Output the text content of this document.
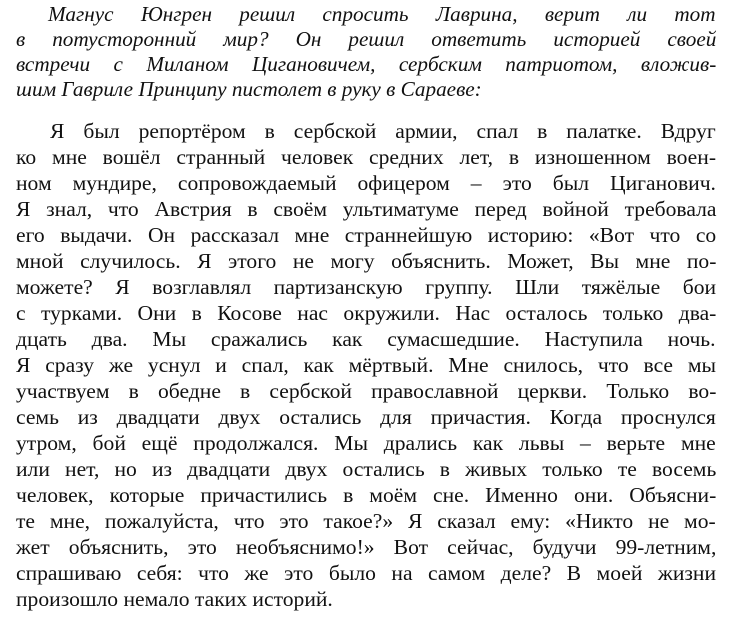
Магнус Юнгрен решил спросить Лаврина, верит ли тот
в потусторонний мир? Он решил ответить историей своей
встречи с Миланом Цигановичем, сербским патриотом, вложив-
шим Гавриле Принципу пистолет в руку в Сараеве:
Я был репортёром в сербской армии, спал в палатке. Вдруг
ко мне вошёл странный человек средних лет, в изношенном воен-
ном мундире, сопровождаемый офицером – это был Циганович.
Я знал, что Австрия в своём ультиматуме перед войной требовала
его выдачи. Он рассказал мне страннейшую историю: «Вот что со
мной случилось. Я этого не могу объяснить. Может, Вы мне по-
можете? Я возглавлял партизанскую группу. Шли тяжёлые бои
с турками. Они в Косове нас окружили. Нас осталось только два-
дцать два. Мы сражались как сумасшедшие. Наступила ночь.
Я сразу же уснул и спал, как мёртвый. Мне снилось, что все мы
участвуем в обедне в сербской православной церкви. Только во-
семь из двадцати двух остались для причастия. Когда проснулся
утром, бой ещё продолжался. Мы дрались как львы – верьте мне
или нет, но из двадцати двух остались в живых только те восемь
человек, которые причастились в моём сне. Именно они. Объясни-
те мне, пожалуйста, что это такое?» Я сказал ему: «Никто не мо-
жет объяснить, это необъяснимо!» Вот сейчас, будучи 99-летним,
спрашиваю себя: что же это было на самом деле? В моей жизни
произошло немало таких историй.
